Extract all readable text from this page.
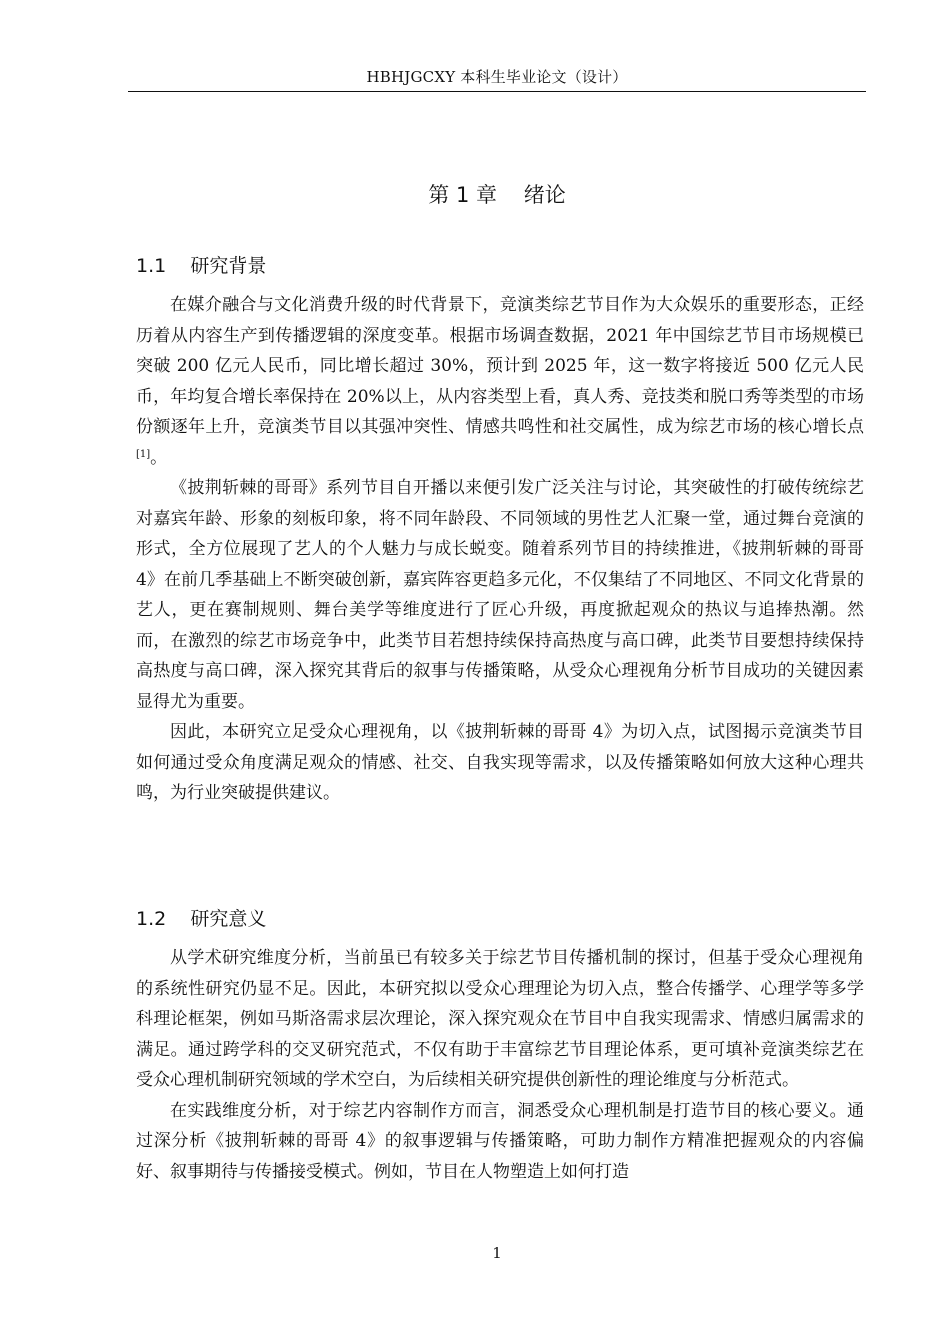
HBHJGCXY 本科生毕业论文（设计）
第 1 章    绪论
1.1    研究背景

在媒介融合与文化消费升级的时代背景下，竞演类综艺节目作为大众娱乐的重要形态，正经历着从内容生产到传播逻辑的深度变革。根据市场调查数据，2021 年中国综艺节目市场规模已突破 200 亿元人民币，同比增长超过 30%，预计到 2025 年，这一数字将接近 500 亿元人民币，年均复合增长率保持在 20%以上，从内容类型上看，真人秀、竞技类和脱口秀等类型的市场份额逐年上升，竞演类节目以其强冲突性、情感共鸣性和社交属性，成为综艺市场的核心增长点[1]。

《披荆斩棘的哥哥》系列节目自开播以来便引发广泛关注与讨论，其突破性的打破传统综艺对嘉宾年龄、形象的刻板印象，将不同年龄段、不同领域的男性艺人汇聚一堂，通过舞台竞演的形式，全方位展现了艺人的个人魅力与成长蜕变。随着系列节目的持续推进，《披荆斩棘的哥哥 4》在前几季基础上不断突破创新，嘉宾阵容更趋多元化，不仅集结了不同地区、不同文化背景的艺人，更在赛制规则、舞台美学等维度进行了匠心升级，再度掀起观众的热议与追捧热潮。然而，在激烈的综艺市场竞争中，此类节目若想持续保持高热度与高口碑，此类节目要想持续保持高热度与高口碑，深入探究其背后的叙事与传播策略，从受众心理视角分析节目成功的关键因素显得尤为重要。

因此，本研究立足受众心理视角，以《披荆斩棘的哥哥 4》为切入点，试图揭示竞演类节目如何通过受众角度满足观众的情感、社交、自我实现等需求，以及传播策略如何放大这种心理共鸣，为行业突破提供建议。

1.2    研究意义

从学术研究维度分析，当前虽已有较多关于综艺节目传播机制的探讨，但基于受众心理视角的系统性研究仍显不足。因此，本研究拟以受众心理理论为切入点，整合传播学、心理学等多学科理论框架，例如马斯洛需求层次理论，深入探究观众在节目中自我实现需求、情感归属需求的满足。通过跨学科的交叉研究范式，不仅有助于丰富综艺节目理论体系，更可填补竞演类综艺在受众心理机制研究领域的学术空白，为后续相关研究提供创新性的理论维度与分析范式。

在实践维度分析，对于综艺内容制作方而言，洞悉受众心理机制是打造节目的核心要义。通过深分析《披荆斩棘的哥哥 4》的叙事逻辑与传播策略，可助力制作方精准把握观众的内容偏好、叙事期待与传播接受模式。例如，节目在人物塑造上如何打造

1
